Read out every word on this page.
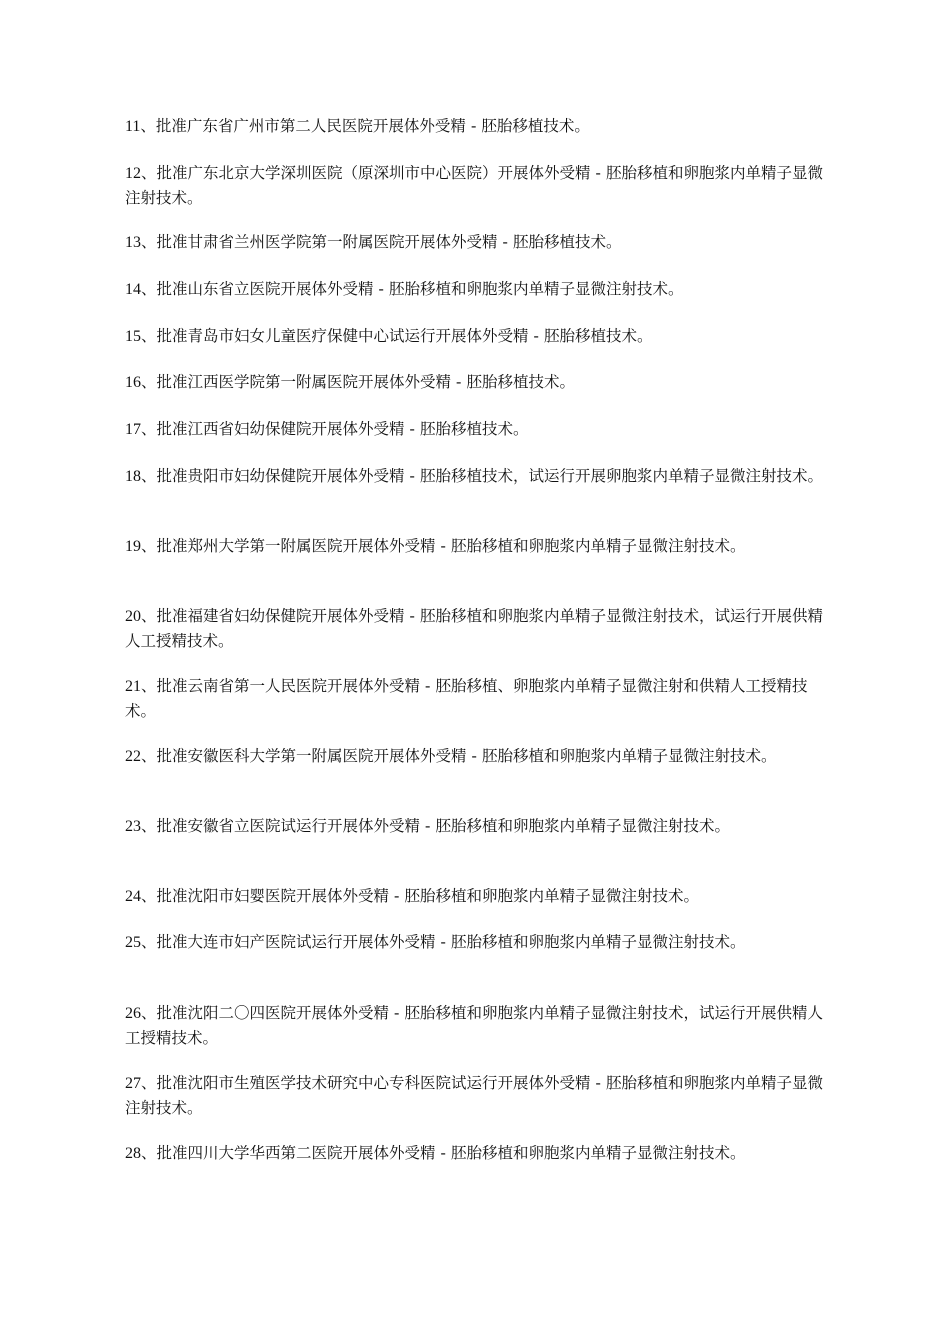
11、批准广东省广州市第二人民医院开展体外受精 - 胚胎移植技术。

12、批准广东北京大学深圳医院（原深圳市中心医院）开展体外受精 - 胚胎移植和卵胞浆内单精子显微注射技术。

13、批准甘肃省兰州医学院第一附属医院开展体外受精 - 胚胎移植技术。

14、批准山东省立医院开展体外受精 - 胚胎移植和卵胞浆内单精子显微注射技术。

15、批准青岛市妇女儿童医疗保健中心试运行开展体外受精 - 胚胎移植技术。

16、批准江西医学院第一附属医院开展体外受精 - 胚胎移植技术。

17、批准江西省妇幼保健院开展体外受精 - 胚胎移植技术。

18、批准贵阳市妇幼保健院开展体外受精 - 胚胎移植技术，试运行开展卵胞浆内单精子显微注射技术。

19、批准郑州大学第一附属医院开展体外受精 - 胚胎移植和卵胞浆内单精子显微注射技术。

20、批准福建省妇幼保健院开展体外受精 - 胚胎移植和卵胞浆内单精子显微注射技术，试运行开展供精人工授精技术。

21、批准云南省第一人民医院开展体外受精 - 胚胎移植、卵胞浆内单精子显微注射和供精人工授精技术。

22、批准安徽医科大学第一附属医院开展体外受精 - 胚胎移植和卵胞浆内单精子显微注射技术。

23、批准安徽省立医院试运行开展体外受精 - 胚胎移植和卵胞浆内单精子显微注射技术。

24、批准沈阳市妇婴医院开展体外受精 - 胚胎移植和卵胞浆内单精子显微注射技术。

25、批准大连市妇产医院试运行开展体外受精 - 胚胎移植和卵胞浆内单精子显微注射技术。

26、批准沈阳二〇四医院开展体外受精 - 胚胎移植和卵胞浆内单精子显微注射技术，试运行开展供精人工授精技术。

27、批准沈阳市生殖医学技术研究中心专科医院试运行开展体外受精 - 胚胎移植和卵胞浆内单精子显微注射技术。

28、批准四川大学华西第二医院开展体外受精 - 胚胎移植和卵胞浆内单精子显微注射技术。
